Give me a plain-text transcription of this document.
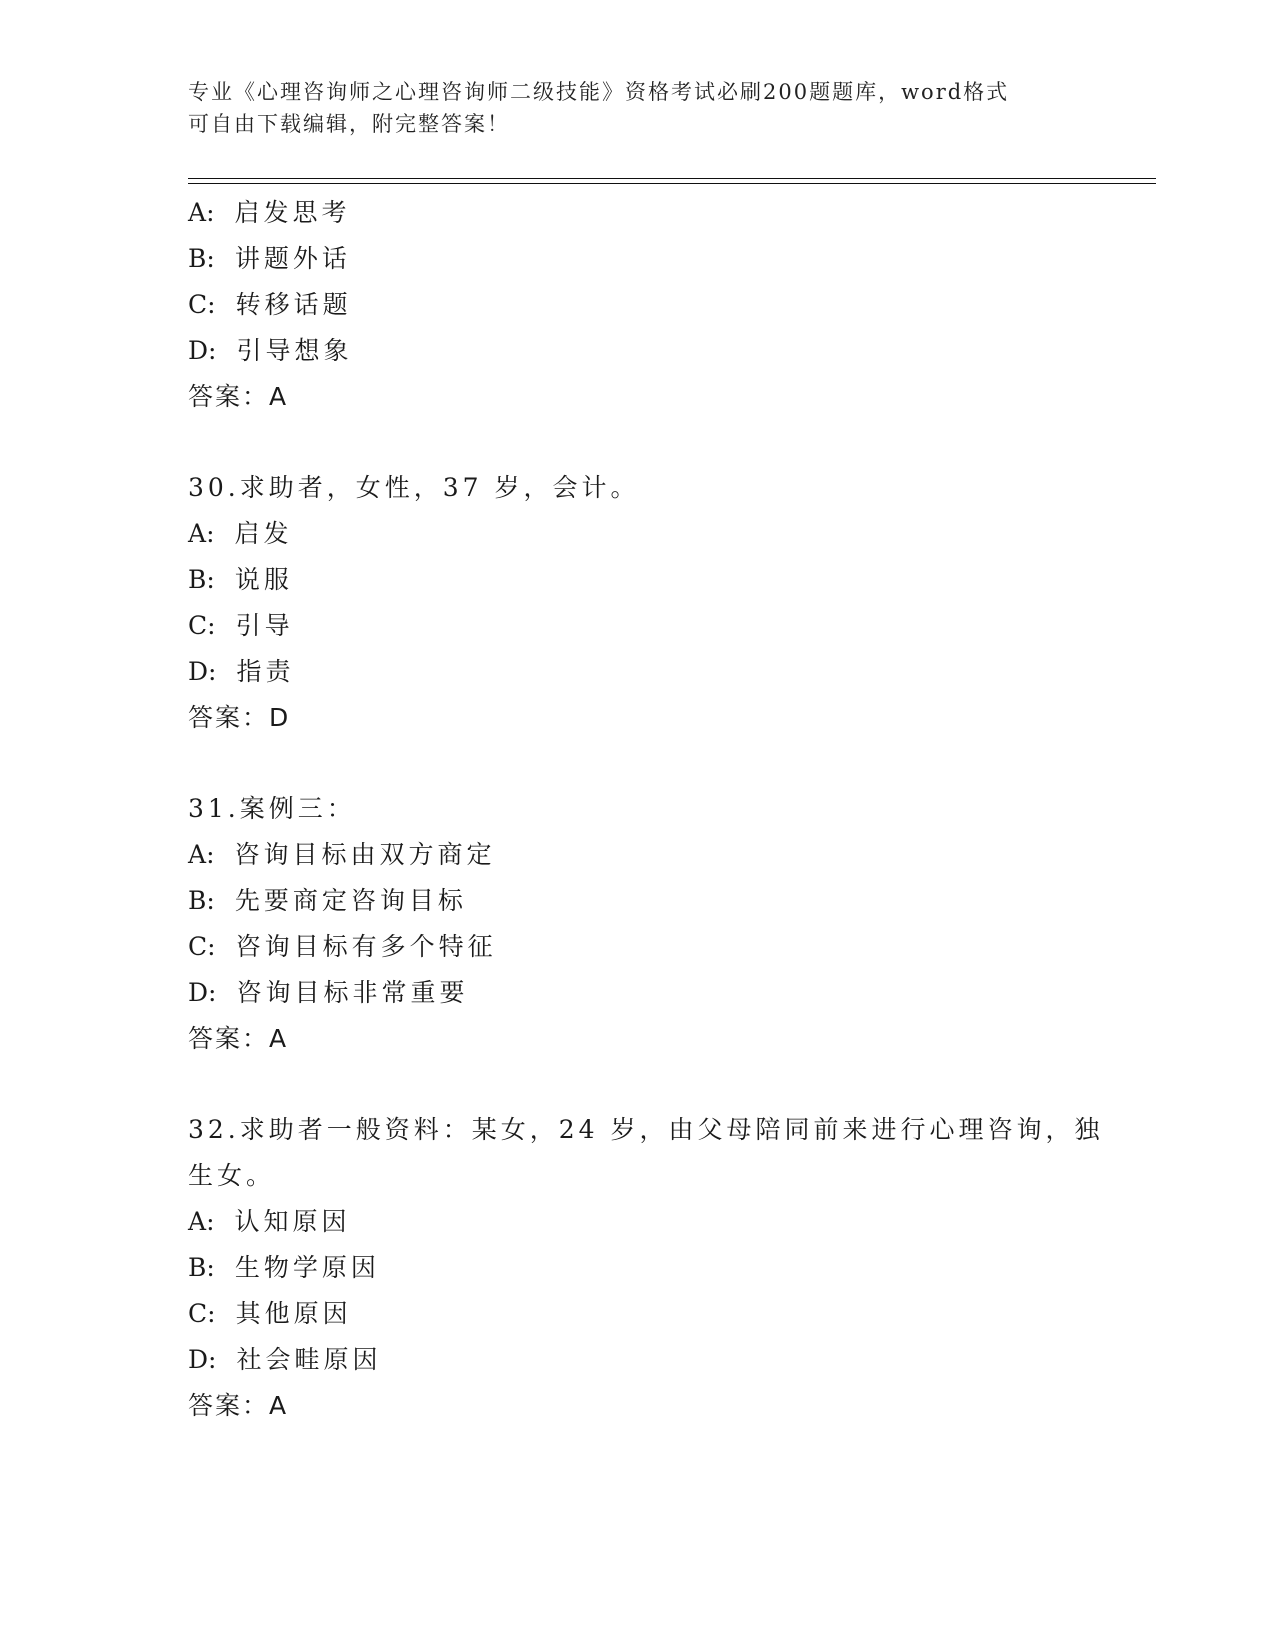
专业《心理咨询师之心理咨询师二级技能》资格考试必刷200题题库，word格式
可自由下载编辑，附完整答案！
A: 启发思考
B: 讲题外话
C: 转移话题
D: 引导想象
答案：A
30.求助者，女性，37 岁，会计。
A: 启发
B: 说服
C: 引导
D: 指责
答案：D
31.案例三：
A: 咨询目标由双方商定
B: 先要商定咨询目标
C: 咨询目标有多个特征
D: 咨询目标非常重要
答案：A
32.求助者一般资料：某女，24 岁，由父母陪同前来进行心理咨询，独
生女。
A: 认知原因
B: 生物学原因
C: 其他原因
D: 社会畦原因
答案：A
